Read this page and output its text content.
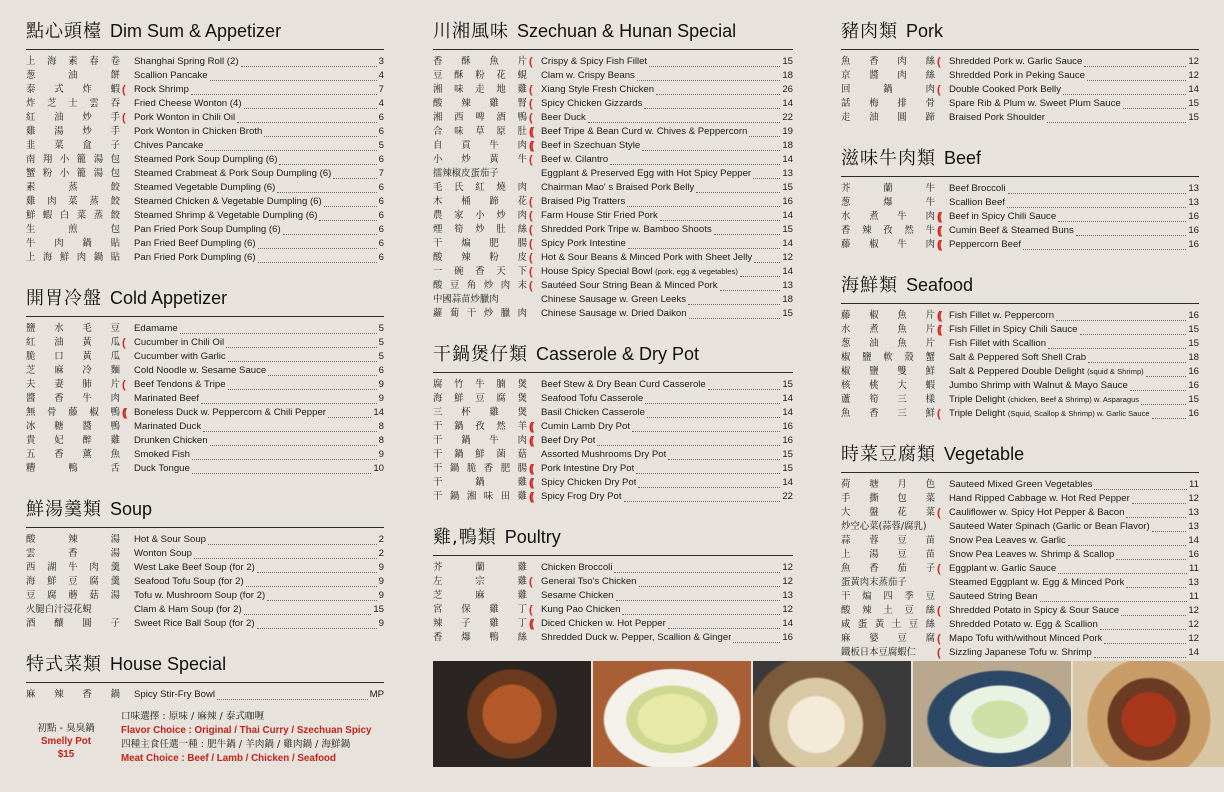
點心頭檯 Dim Sum & Appetizer
上 海 素 春 卷 Shanghai Spring Roll (2)	3
葱	油	餅 Scallion Pancake	4
泰 式 炸 蝦 (	Rock Shrimp	7
炸 芝 士 雲 吞 Fried Cheese Wonton (4)	4
紅 油 炒 手 (	Pork Wonton in Chili Oil	6
雞 湯 炒 手 Pork Wonton in Chicken Broth	6
韭 菜 盒 子 Chives Pancake	5
南 翔 小 籠 湯 包 Steamed Pork Soup Dumpling (6)	6
蟹 粉 小 籠 湯 包 Steamed Crabmeat & Pork Soup Dumpling (6)	7
素	蒸	餃 Steamed Vegetable Dumpling (6)	6
雞 肉 菜 蒸 餃 Steamed Chicken & Vegetable Dumpling (6)	6
鮮 蝦 白 菜 蒸 餃 Steamed Shrimp & Vegetable Dumpling (6)	6
生	煎	包 Pan Fried Pork Soup Dumpling (6)	6
牛 肉 鍋 貼 Pan Fried Beef Dumpling (6)	6
上 海 鮮 肉 鍋 貼 Pan Fried Pork Dumpling (6)	6
開胃冷盤 Cold Appetizer
鹽 水 毛 豆 Edamame	5
紅 油 黃 瓜 (	Cucumber in Chili Oil	5
脆 口 黃 瓜 Cucumber with Garlic	5
芝 麻 冷 麵 Cold Noodle w. Sesame Sauce	6
夫 妻 肺 片 (	Beef Tendons & Tripe	9
醬 香 牛 肉 Marinated Beef	9
無 骨 藤 椒 鴨 (( Boneless Duck w. Peppercorn & Chili Pepper	14
冰 糖 醬 鴨 Marinated Duck	8
貴 妃 醉 雞 Drunken Chicken	8
五 香 薰 魚 Smoked Fish	9
糟	鴨	舌 Duck Tongue	10
鮮湯羹類 Soup
酸	辣	湯 Hot & Sour Soup	2
雲	香	湯 Wonton Soup	2
西 湖 牛 肉 羹 West Lake Beef Soup (for 2)	9
海 鮮 豆 腐 羹 Seafood Tofu Soup (for 2)	9
豆 腐 蘑 菇 湯 Tofu w. Mushroom Soup (for 2)	9
火腿白汁浸花蜆	Clam & Ham Soup (for 2)	15
酒 釀 圓 子 Sweet Rice Ball Soup (for 2)	9
特式菜類 House Special
麻 辣 香 鍋 Spicy Stir-Fry Bowl	MP
初點 - 臭臭鍋
Smelly Pot
$15
口味選擇 : 原味 / 麻辣 / 泰式咖喱
Flavor Choice : Original / Thai Curry / Szechuan Spicy
四種主食任選一種 : 肥牛鍋 / 羊肉鍋 / 雞肉鍋 / 海鮮鍋
Meat Choice : Beef / Lamb / Chicken / Seafood
川湘風味 Szechuan & Hunan Special
香 酥 魚 片 (	Crispy & Spicy Fish Fillet	15
豆 酥 粉 花 蜆 Clam w. Crispy Beans	18
湘 味 走 地 雞 (	Xiang Style Fresh Chicken	26
酸 辣 雞 腎 (	Spicy Chicken Gizzards	14
湘 西 啤 酒 鴨 (	Beer Duck	22
合 味 草 原 肚 (( Beef Tripe & Bean Curd w. Chives & Peppercorn	19
自 貢 牛 肉 (( Beef in Szechuan Style	18
小 炒 黃 牛 (	Beef w. Cilantro	14
擂辣椒皮蛋茄子	Eggplant & Preserved Egg with Hot Spicy Pepper	13
毛 氏 紅 燒 肉 Chairman Mao' s Braised Pork Belly	15
木 桶 蹄 花 (	Braised Pig Tratters	16
農 家 小 炒 肉 (	Farm House Stir Fried Pork	14
煙 筍 炒 肚 絲 (	Shredded Pork Tripe w. Bamboo Shoots	15
干 煸 肥 腸 (	Spicy Pork Intestine	14
酸 辣 粉 皮 (	Hot & Sour Beans & Minced Pork with Sheet Jelly	12
一 碗 香 天 下 (	House Spicy Special Bowl (pork, egg & vegetables)	14
酸 豆 角 炒 肉 末 (	Sautéed Sour String Bean & Minced Pork	13
中國蒜苗炒臘肉	Chinese Sausage w. Green Leeks	18
蘿 蔔 干 炒 臘 肉 Chinese Sausage w. Dried Daikon	15
干鍋煲仔類 Casserole & Dry Pot
腐 竹 牛 腩 煲 Beef Stew & Dry Bean Curd Casserole	15
海 鮮 豆 腐 煲 Seafood Tofu Casserole	14
三 杯 雞 煲 Basil Chicken Casserole	14
干 鍋 孜 然 羊 (( Cumin Lamb Dry Pot	16
干 鍋 牛 肉 (( Beef Dry Pot	16
干 鍋 鮮 菌 菇 Assorted Mushrooms Dry Pot	15
干 鍋 脆 香 肥 腸 (( Pork Intestine Dry Pot	15
干	鍋	雞 (( Spicy Chicken Dry Pot	14
干 鍋 湘 味 田 雞 (( Spicy Frog Dry Pot	22
雞,鴨類 Poultry
芥	蘭	雞 Chicken Broccoli	12
左	宗	雞 (	General Tso's Chicken	12
芝	麻	雞 Sesame Chicken	13
宮 保 雞 丁 (	Kung Pao Chicken	12
辣 子 雞 丁 (( Diced Chicken w. Hot Pepper	14
香 爆 鴨 絲 Shredded Duck w. Pepper, Scallion & Ginger	16
豬肉類 Pork
魚 香 肉 絲 (	Shredded Pork w. Garlic Sauce	12
京 醬 肉 絲 Shredded Pork in Peking Sauce	12
回	鍋	肉 (	Double Cooked Pork Belly	14
話 梅 排 骨 Spare Rib & Plum w. Sweet Plum Sauce	15
走 油 圓 蹄 Braised Pork Shoulder	15
滋味牛肉類 Beef
芥	蘭	牛 Beef Broccoli	13
葱	爆	牛 Scallion Beef	13
水 煮 牛 肉 (( Beef in Spicy Chili Sauce	16
香 辣 孜 然 牛 (( Cumin Beef & Steamed Buns	16
藤 椒 牛 肉 (( Peppercorn Beef	16
海鮮類 Seafood
藤 椒 魚 片 (( Fish Fillet w. Peppercorn	16
水 煮 魚 片 (( Fish Fillet in Spicy Chili Sauce	15
葱 油 魚 片 Fish Fillet with Scallion	15
椒 鹽 軟 殼 蟹 Salt & Peppered Soft Shell Crab	18
椒 鹽 雙 鮮 Salt & Peppered Double Delight (squid & Shrimp)	16
核 桃 大 蝦 Jumbo Shrimp with Walnut & Mayo Sauce	16
蘆 筍 三 樣 Triple Delight (chicken, Beef & Shrimp) w. Asparagus	15
魚 香 三 鮮 (	Triple Delight (Squid, Scallop & Shrimp) w. Garlic Sauce	16
時菜豆腐類 Vegetable
荷 塘 月 色 Sauteed Mixed Green Vegetables	11
手 撕 包 菜 Hand Ripped Cabbage w. Hot Red Pepper	12
大 盤 花 菜 (	Cauliflower w. Spicy Hot Pepper & Bacon	13
炒空心菜(蒜蓉/腐乳)	Sauteed Water Spinach (Garlic or Bean Flavor)	13
蒜 蓉 豆 苗 Snow Pea Leaves w. Garlic	14
上 湯 豆 苗 Snow Pea Leaves w. Shrimp & Scallop	16
魚 香 茄 子 (	Eggplant w. Garlic Sauce	11
蛋黃肉末蒸茄子	Steamed Eggplant w. Egg & Minced Pork	13
干 煸 四 季 豆 Sauteed String Bean	11
酸 辣 土 豆 絲 (	Shredded Potato in Spicy & Sour Sauce	12
咸 蛋 黃 土 豆 絲 Shredded Potato w. Egg & Scallion	12
麻 婆 豆 腐 (	Mapo Tofu with/without Minced Pork	12
鐵板日本豆腐蝦仁	(	Sizzling Japanese Tofu w. Shrimp	14
